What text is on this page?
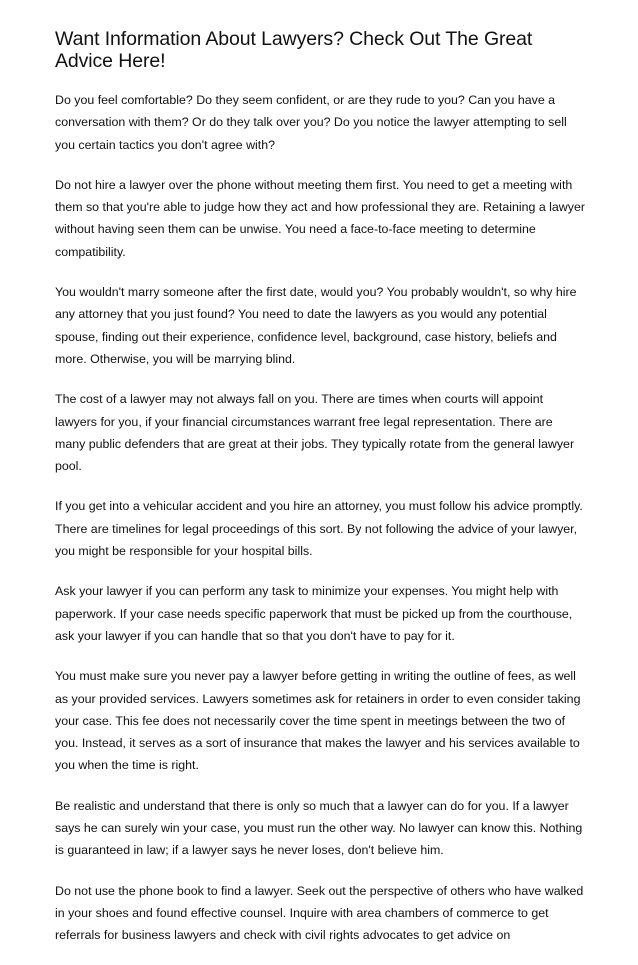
Want Information About Lawyers? Check Out The Great Advice Here!

Do you feel comfortable? Do they seem confident, or are they rude to you? Can you have a conversation with them? Or do they talk over you? Do you notice the lawyer attempting to sell you certain tactics you don't agree with?

Do not hire a lawyer over the phone without meeting them first. You need to get a meeting with them so that you're able to judge how they act and how professional they are. Retaining a lawyer without having seen them can be unwise. You need a face-to-face meeting to determine compatibility.

You wouldn't marry someone after the first date, would you? You probably wouldn't, so why hire any attorney that you just found? You need to date the lawyers as you would any potential spouse, finding out their experience, confidence level, background, case history, beliefs and more. Otherwise, you will be marrying blind.

The cost of a lawyer may not always fall on you. There are times when courts will appoint lawyers for you, if your financial circumstances warrant free legal representation. There are many public defenders that are great at their jobs. They typically rotate from the general lawyer pool.

If you get into a vehicular accident and you hire an attorney, you must follow his advice promptly. There are timelines for legal proceedings of this sort. By not following the advice of your lawyer, you might be responsible for your hospital bills.

Ask your lawyer if you can perform any task to minimize your expenses. You might help with paperwork. If your case needs specific paperwork that must be picked up from the courthouse, ask your lawyer if you can handle that so that you don't have to pay for it.

You must make sure you never pay a lawyer before getting in writing the outline of fees, as well as your provided services. Lawyers sometimes ask for retainers in order to even consider taking your case. This fee does not necessarily cover the time spent in meetings between the two of you. Instead, it serves as a sort of insurance that makes the lawyer and his services available to you when the time is right.

Be realistic and understand that there is only so much that a lawyer can do for you. If a lawyer says he can surely win your case, you must run the other way. No lawyer can know this. Nothing is guaranteed in law; if a lawyer says he never loses, don't believe him.

Do not use the phone book to find a lawyer. Seek out the perspective of others who have walked in your shoes and found effective counsel. Inquire with area chambers of commerce to get referrals for business lawyers and check with civil rights advocates to get advice on
